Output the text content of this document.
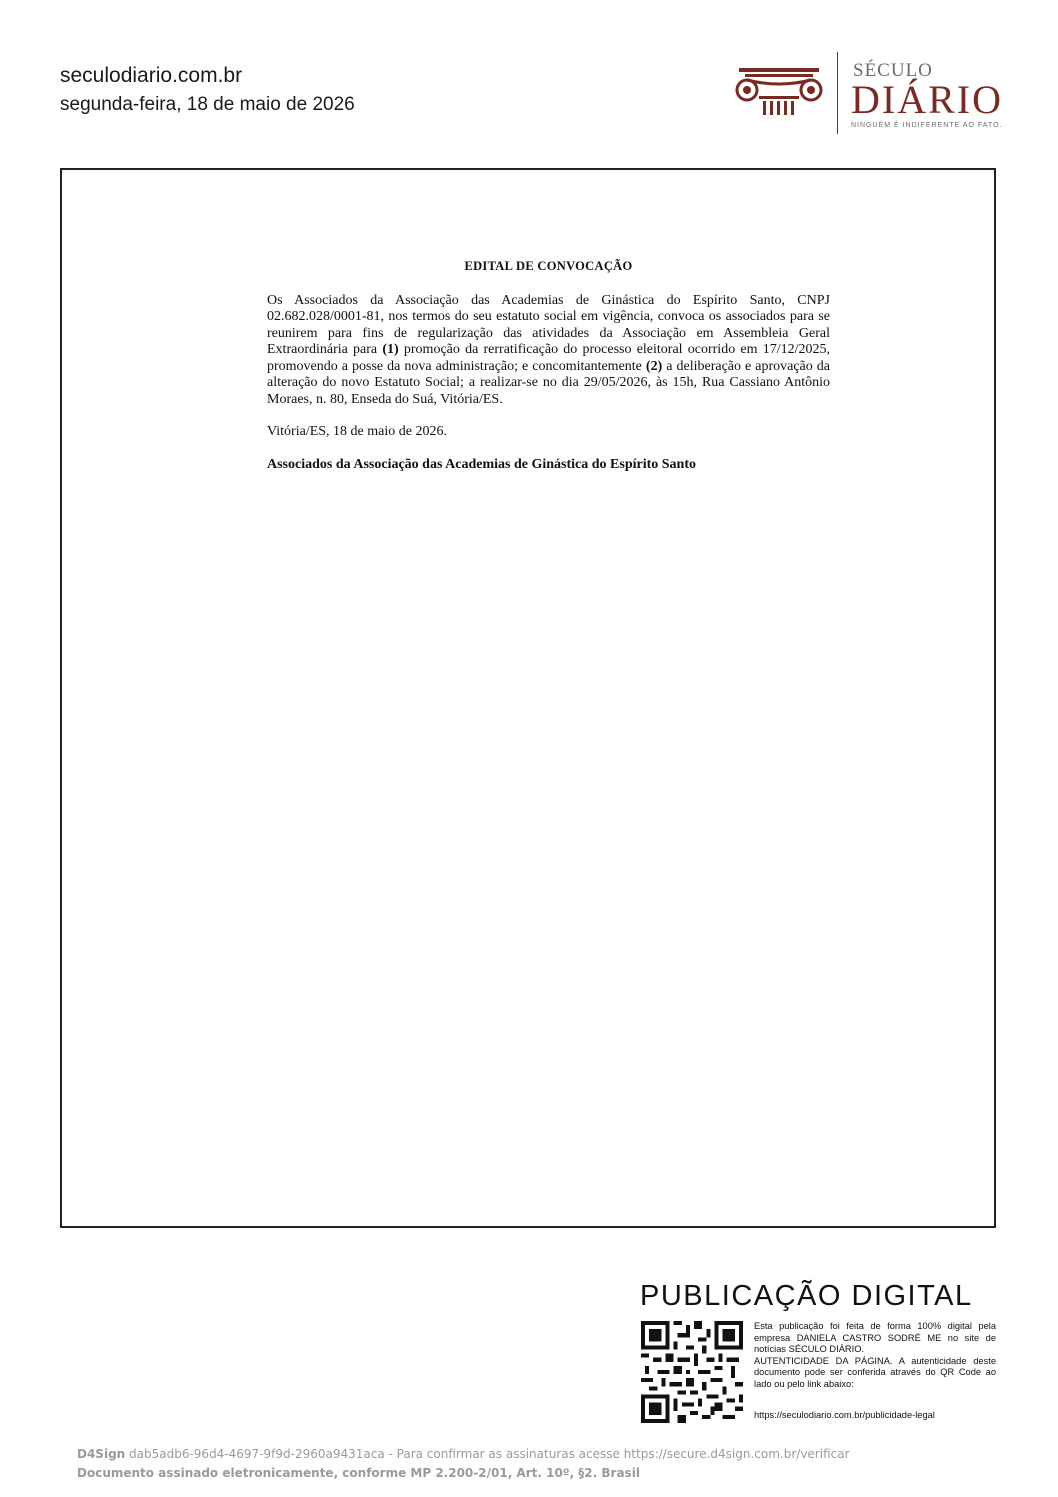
seculodiario.com.br
segunda-feira, 18 de maio de 2026
SÉCULO
DIÁRIO
NINGUÉM É INDIFERENTE AO FATO.
EDITAL DE CONVOCAÇÃO

Os Associados da Associação das Academias de Ginástica do Espírito Santo, CNPJ 02.682.028/0001-81, nos termos do seu estatuto social em vigência, convoca os associados para se reunirem para fins de regularização das atividades da Associação em Assembleia Geral Extraordinária para (1) promoção da rerratificação do processo eleitoral ocorrido em 17/12/2025, promovendo a posse da nova administração; e concomitantemente (2) a deliberação e aprovação da alteração do novo Estatuto Social; a realizar-se no dia 29/05/2026, às 15h, Rua Cassiano Antônio Moraes, n. 80, Enseda do Suá, Vitória/ES.

Vitória/ES, 18 de maio de 2026.

Associados da Associação das Academias de Ginástica do Espírito Santo

PUBLICAÇÃO DIGITAL

Esta publicação foi feita de forma 100% digital pela empresa DANIELA CASTRO SODRÉ ME no site de notícias SÉCULO DIÁRIO.

AUTENTICIDADE DA PÁGINA. A autenticidade deste documento pode ser conferida através do QR Code ao lado ou pelo link abaixo:

https://seculodiario.com.br/publicidade-legal
D4Sign dab5adb6-96d4-4697-9f9d-2960a9431aca - Para confirmar as assinaturas acesse https://secure.d4sign.com.br/verificar
Documento assinado eletronicamente, conforme MP 2.200-2/01, Art. 10º, §2. Brasil
